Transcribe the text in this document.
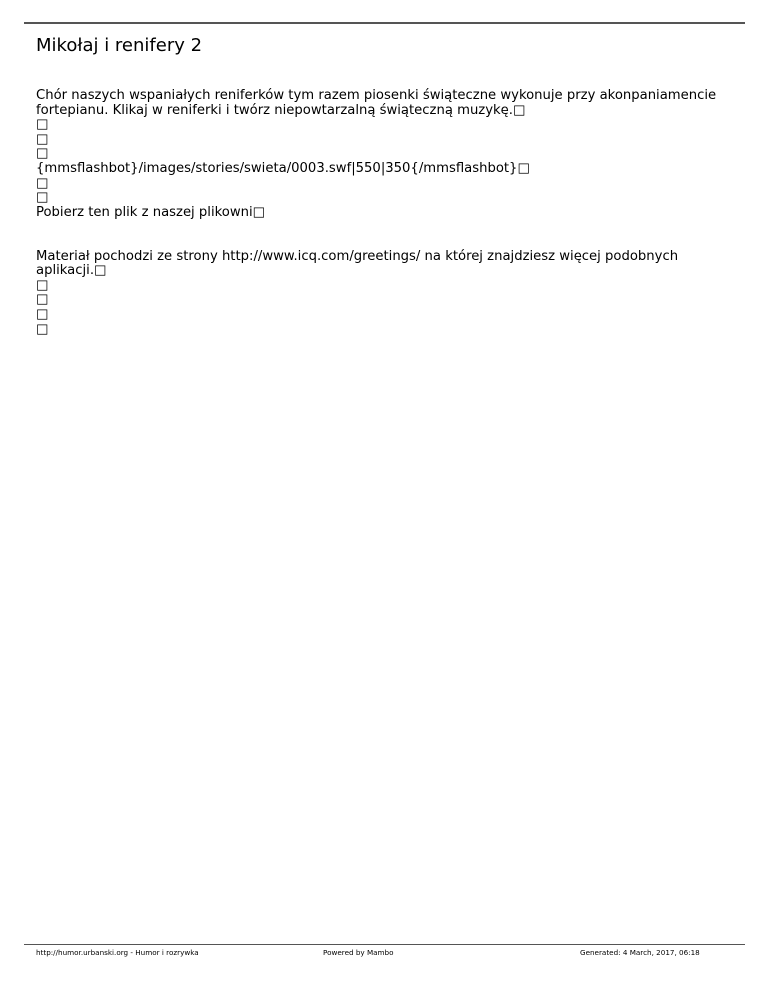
Mikołaj i renifery 2
Chór naszych wspaniałych reniferków tym razem piosenki świąteczne wykonuje przy akonpaniamencie
fortepianu. Klikaj w reniferki i twórz niepowtarzalną świąteczną muzykę.□
□
□
□
{mmsflashbot}/images/stories/swieta/0003.swf|550|350{/mmsflashbot}□
□
□
Pobierz ten plik z naszej plikowni□
Materiał pochodzi ze strony http://www.icq.com/greetings/ na której znajdziesz więcej podobnych
aplikacji.□
□
□
□
□
http://humor.urbanski.org - Humor i rozrywka	Powered by Mambo	Generated: 4 March, 2017, 06:18
